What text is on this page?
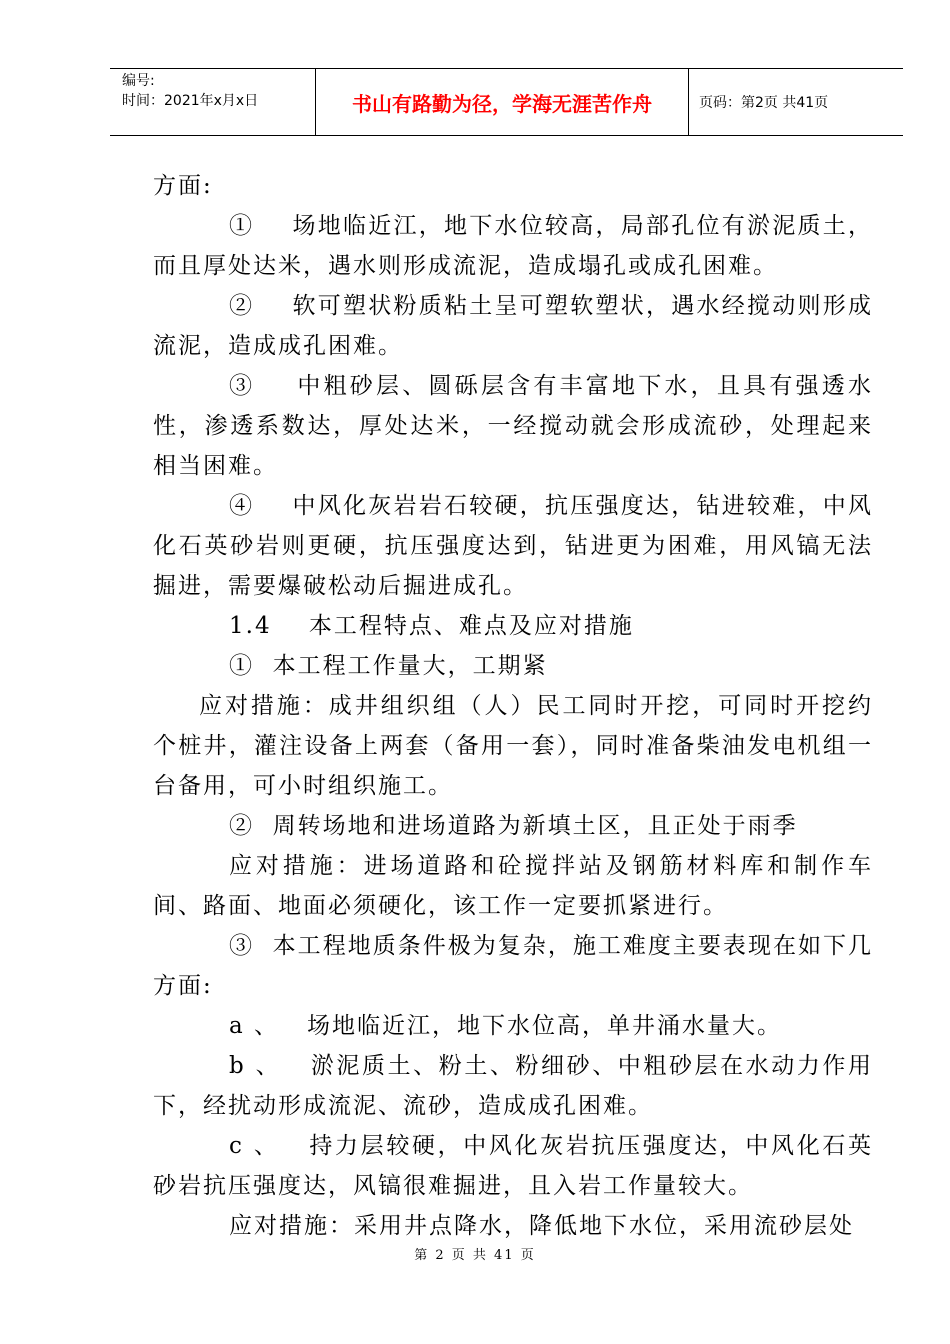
编号:
时间：2021年x月x日	书山有路勤为径，学海无涯苦作舟	页码：第2页 共41页

方面:

①    场地临近江，地下水位较高，局部孔位有淤泥质土，而且厚处达米，遇水则形成流泥，造成塌孔或成孔困难。

②    软可塑状粉质粘土呈可塑软塑状，遇水经搅动则形成流泥，造成成孔困难。

③    中粗砂层、圆砾层含有丰富地下水，且具有强透水性，渗透系数达，厚处达米，一经搅动就会形成流砂，处理起来相当困难。

④    中风化灰岩岩石较硬，抗压强度达，钻进较难，中风化石英砂岩则更硬，抗压强度达到，钻进更为困难，用风镐无法掘进，需要爆破松动后掘进成孔。

1.4    本工程特点、难点及应对措施

①  本工程工作量大，工期紧

应对措施：成井组织组（人）民工同时开挖，可同时开挖约个桩井，灌注设备上两套（备用一套），同时准备柴油发电机组一台备用，可小时组织施工。

②  周转场地和进场道路为新填土区，且正处于雨季

应对措施：进场道路和砼搅拌站及钢筋材料库和制作车间、路面、地面必须硬化，该工作一定要抓紧进行。

③  本工程地质条件极为复杂，施工难度主要表现在如下几方面:

a 、   场地临近江，地下水位高，单井涌水量大。

b 、   淤泥质土、粉土、粉细砂、中粗砂层在水动力作用下，经扰动形成流泥、流砂，造成成孔困难。

c 、   持力层较硬，中风化灰岩抗压强度达，中风化石英砂岩抗压强度达，风镐很难掘进，且入岩工作量较大。

应对措施：采用井点降水，降低地下水位，采用流砂层处

第 2 页 共 41 页
